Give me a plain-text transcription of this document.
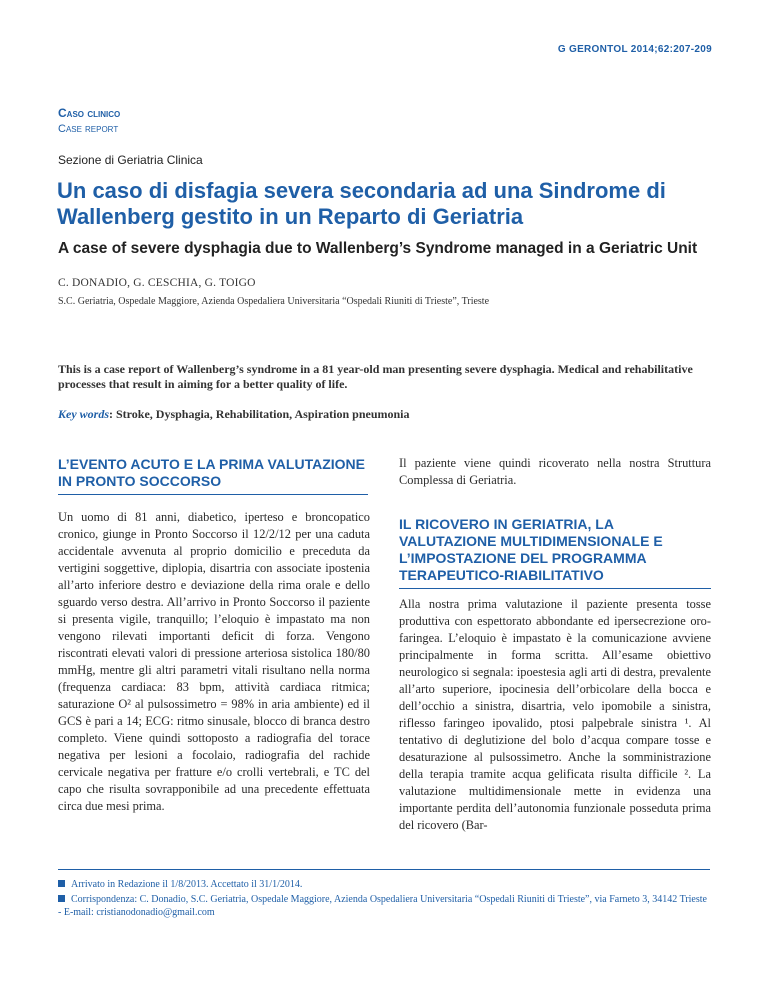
G GERONTOL 2014;62:207-209
Caso clinico
Case report
Sezione di Geriatria Clinica
Un caso di disfagia severa secondaria ad una Sindrome di Wallenberg gestito in un Reparto di Geriatria
A case of severe dysphagia due to Wallenberg’s Syndrome managed in a Geriatric Unit
C. DONADIO, G. CESCHIA, G. TOIGO
S.C. Geriatria, Ospedale Maggiore, Azienda Ospedaliera Universitaria “Ospedali Riuniti di Trieste”, Trieste
This is a case report of Wallenberg’s syndrome in a 81 year-old man presenting severe dysphagia. Medical and rehabilitative processes that result in aiming for a better quality of life.
Key words: Stroke, Dysphagia, Rehabilitation, Aspiration pneumonia
L’EVENTO ACUTO E LA PRIMA VALUTAZIONE IN PRONTO SOCCORSO

Un uomo di 81 anni, diabetico, iperteso e broncopatico cronico, giunge in Pronto Soccorso il 12/2/12 per una caduta accidentale avvenuta al proprio domicilio e preceduta da vertigini soggettive, diplopia, disartria con associate ipostenia all’arto inferiore destro e deviazione della rima orale e dello sguardo verso destra. All’arrivo in Pronto Soccorso il paziente si presenta vigile, tranquillo; l’eloquio è impastato ma non vengono rilevati importanti deficit di forza. Vengono riscontrati elevati valori di pressione arteriosa sistolica 180/80 mmHg, mentre gli altri parametri vitali risultano nella norma (frequenza cardiaca: 83 bpm, attività cardiaca ritmica; saturazione O² al pulsossimetro = 98% in aria ambiente) ed il GCS è pari a 14; ECG: ritmo sinusale, blocco di branca destro completo. Viene quindi sottoposto a radiografia del torace negativa per lesioni a focolaio, radiografia del rachide cervicale negativa per fratture e/o crolli vertebrali, e TC del capo che risulta sovrapponibile ad una precedente effettuata circa due mesi prima.

Il paziente viene quindi ricoverato nella nostra Struttura Complessa di Geriatria.

IL RICOVERO IN GERIATRIA, LA VALUTAZIONE MULTIDIMENSIONALE E L’IMPOSTAZIONE DEL PROGRAMMA TERAPEUTICO-RIABILITATIVO

Alla nostra prima valutazione il paziente presenta tosse produttiva con espettorato abbondante ed ipersecrezione oro-faringea. L’eloquio è impastato è la comunicazione avviene principalmente in forma scritta. All’esame obiettivo neurologico si segnala: ipoestesia agli arti di destra, prevalente all’arto superiore, ipocinesia dell’orbicolare della bocca e dell’occhio a sinistra, disartria, velo ipomobile a sinistra, riflesso faringeo ipovalido, ptosi palpebrale sinistra ¹. Al tentativo di deglutizione del bolo d’acqua compare tosse e desaturazione al pulsossimetro. Anche la somministrazione della terapia tramite acqua gelificata risulta difficile ². La valutazione multidimensionale mette in evidenza una importante perdita dell’autonomia funzionale posseduta prima del ricovero (Bar-

Arrivato in Redazione il 1/8/2013. Accettato il 31/1/2014.
Corrispondenza: C. Donadio, S.C. Geriatria, Ospedale Maggiore, Azienda Ospedaliera Universitaria “Ospedali Riuniti di Trieste”, via Farneto 3, 34142 Trieste - E-mail: cristianodonadio@gmail.com
